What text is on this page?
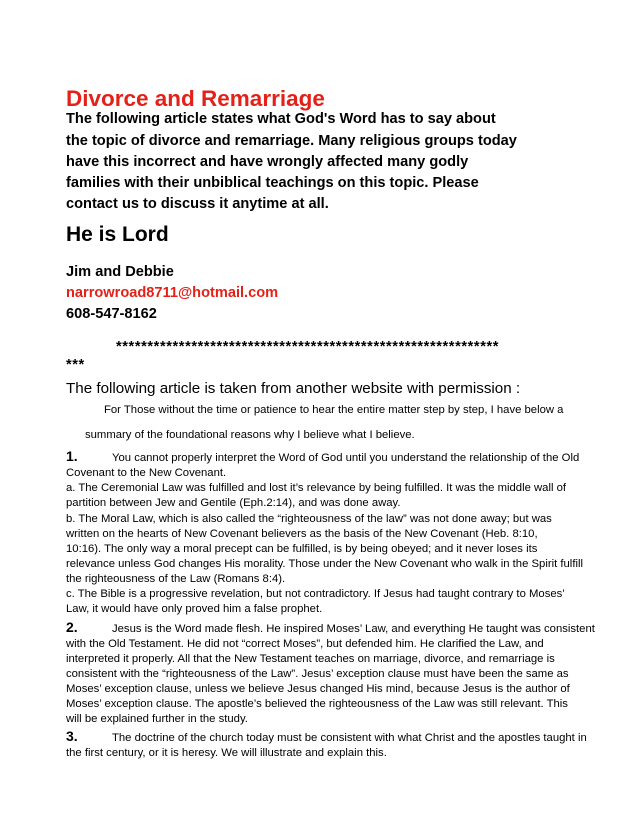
Divorce and Remarriage
The following article states what God's Word has to say about
the topic of divorce and remarriage. Many religious groups today
have this incorrect and have wrongly affected many godly
families with their unbiblical teachings on this topic. Please
contact us to discuss it anytime at all.
He is Lord
Jim and Debbie
narrowroad8711@hotmail.com
608-547-8162
*************************************************************
***
The following article is taken from another website with permission :
For Those without the time or patience to hear the entire matter step by step, I have below a
summary of the foundational reasons why I believe what I believe.
1.	You cannot properly interpret the Word of God until you understand the relationship of the Old
Covenant to the New Covenant.
a. The Ceremonial Law was fulfilled and lost it’s relevance by being fulfilled. It was the middle wall of
partition between Jew and Gentile (Eph.2:14), and was done away.
b. The Moral Law, which is also called the “righteousness of the law” was not done away; but was
written on the hearts of New Covenant believers as the basis of the New Covenant (Heb. 8:10,
10:16). The only way a moral precept can be fulfilled, is by being obeyed; and it never loses its
relevance unless God changes His morality. Those under the New Covenant who walk in the Spirit fulfill
the righteousness of the Law (Romans 8:4).
c. The Bible is a progressive revelation, but not contradictory. If Jesus had taught contrary to Moses’
Law, it would have only proved him a false prophet.
2.	Jesus is the Word made flesh. He inspired Moses’ Law, and everything He taught was consistent
with the Old Testament. He did not “correct Moses”, but defended him. He clarified the Law, and
interpreted it properly. All that the New Testament teaches on marriage, divorce, and remarriage is
consistent with the “righteousness of the Law”. Jesus’ exception clause must have been the same as
Moses’ exception clause, unless we believe Jesus changed His mind, because Jesus is the author of
Moses’ exception clause. The apostle’s believed the righteousness of the Law was still relevant. This
will be explained further in the study.
3.	The doctrine of the church today must be consistent with what Christ and the apostles taught in
the first century, or it is heresy. We will illustrate and explain this.
